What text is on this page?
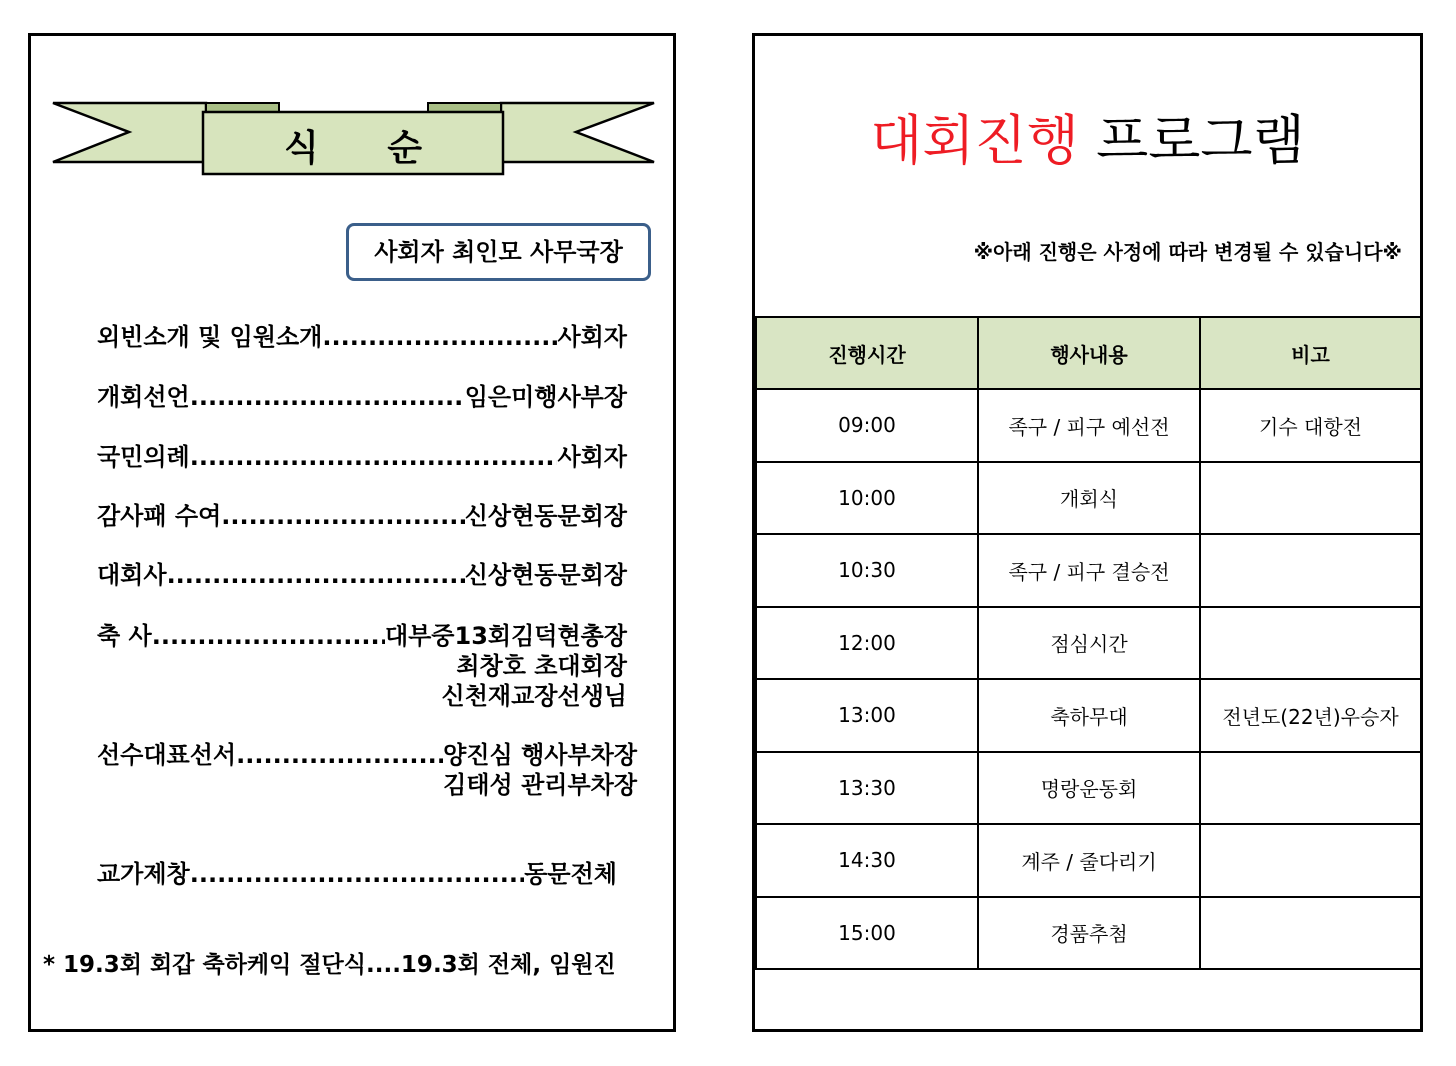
식 순
사회자 최인모 사무국장
외빈소개 및 임원소개 .....	사회자
개회선언 .....	임은미행사부장
국민의례 .....	사회자
감사패 수여 .....	신상현동문회장
대회사 .....	신상현동문회장
축 사 .....	대부중13회김덕현총장
최창호 초대회장
신천재교장선생님
선수대표선서 .....	양진심 행사부차장
김태성 관리부차장
교가제창 .....	동문전체
* 19.3회 회갑 축하케익 절단식....19.3회 전체, 임원진
대회진행 프로그램
※아래 진행은 사정에 따라 변경될 수 있습니다※
진행시간	행사내용	비고
09:00	족구 / 피구 예선전	기수 대항전
10:00	개회식	
10:30	족구 / 피구 결승전	
12:00	점심시간	
13:00	축하무대	전년도(22년)우승자
13:30	명랑운동회	
14:30	계주 / 줄다리기	
15:00	경품추첨	
